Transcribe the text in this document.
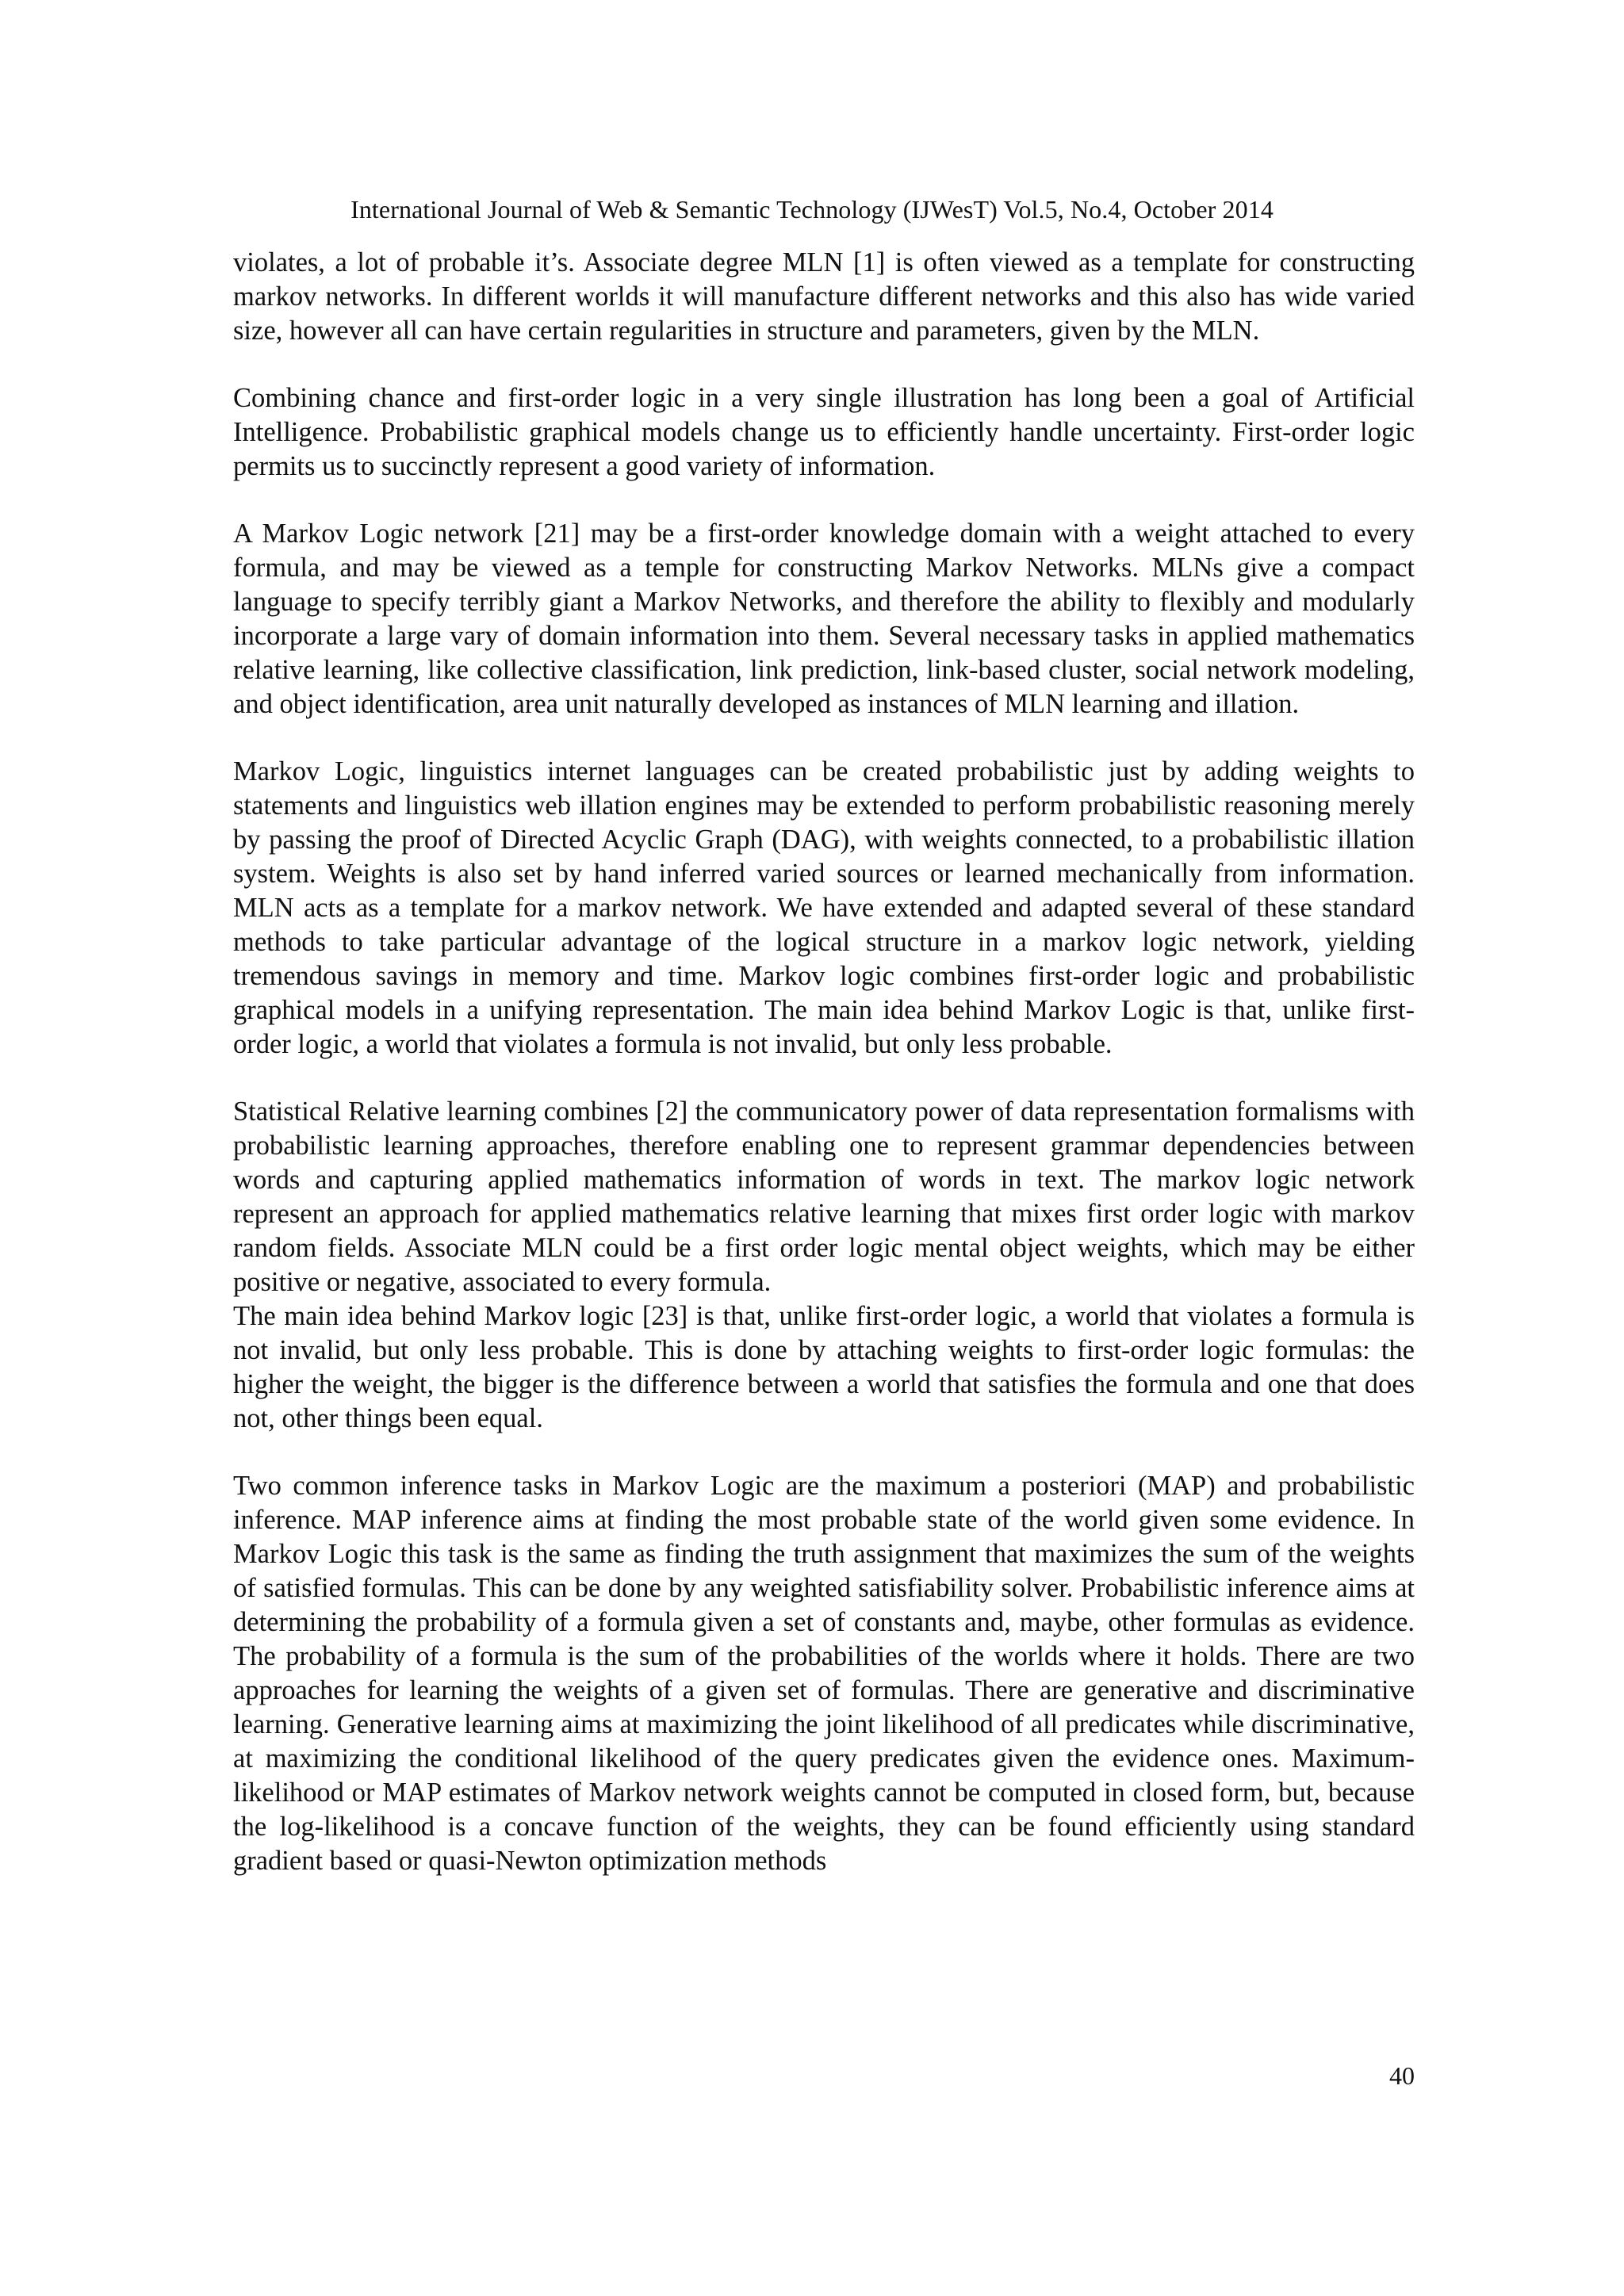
International Journal of Web & Semantic Technology (IJWesT) Vol.5, No.4, October 2014

violates, a lot of probable it’s. Associate degree MLN [1] is often viewed as a template for constructing markov networks. In different worlds it will manufacture different networks and this also has wide varied size, however all can have certain regularities in structure and parameters, given by the MLN.

Combining chance and first-order logic in a very single illustration has long been a goal of Artificial Intelligence. Probabilistic graphical models change us to efficiently handle uncertainty. First-order logic permits us to succinctly represent a good variety of information.

A Markov Logic network [21] may be a first-order knowledge domain with a weight attached to every formula, and may be viewed as a temple for constructing Markov Networks. MLNs give a compact language to specify terribly giant a Markov Networks, and therefore the ability to flexibly and modularly incorporate a large vary of domain information into them. Several necessary tasks in applied mathematics relative learning, like collective classification, link prediction, link-based cluster, social network modeling, and object identification, area unit naturally developed as instances of MLN learning and illation.

Markov Logic, linguistics internet languages can be created probabilistic just by adding weights to statements and linguistics web illation engines may be extended to perform probabilistic reasoning merely by passing the proof of Directed Acyclic Graph (DAG), with weights connected, to a probabilistic illation system. Weights is also set by hand inferred varied sources or learned mechanically from information. MLN acts as a template for a markov network. We have extended and adapted several of these standard methods to take particular advantage of the logical structure in a markov logic network, yielding tremendous savings in memory and time. Markov logic combines first-order logic and probabilistic graphical models in a unifying representation. The main idea behind Markov Logic is that, unlike first-order logic, a world that violates a formula is not invalid, but only less probable.

Statistical Relative learning combines [2] the communicatory power of data representation formalisms with probabilistic learning approaches, therefore enabling one to represent grammar dependencies between words and capturing applied mathematics information of words in text. The markov logic network represent an approach for applied mathematics relative learning that mixes first order logic with markov random fields. Associate MLN could be a first order logic mental object weights, which may be either positive or negative, associated to every formula.

The main idea behind Markov logic [23] is that, unlike first-order logic, a world that violates a formula is not invalid, but only less probable. This is done by attaching weights to first-order logic formulas: the higher the weight, the bigger is the difference between a world that satisfies the formula and one that does not, other things been equal.

Two common inference tasks in Markov Logic are the maximum a posteriori (MAP) and probabilistic inference. MAP inference aims at finding the most probable state of the world given some evidence. In Markov Logic this task is the same as finding the truth assignment that maximizes the sum of the weights of satisfied formulas. This can be done by any weighted satisfiability solver. Probabilistic inference aims at determining the probability of a formula given a set of constants and, maybe, other formulas as evidence. The probability of a formula is the sum of the probabilities of the worlds where it holds. There are two approaches for learning the weights of a given set of formulas. There are generative and discriminative learning. Generative learning aims at maximizing the joint likelihood of all predicates while discriminative, at maximizing the conditional likelihood of the query predicates given the evidence ones. Maximum-likelihood or MAP estimates of Markov network weights cannot be computed in closed form, but, because the log-likelihood is a concave function of the weights, they can be found efficiently using standard gradient based or quasi-Newton optimization methods

40
